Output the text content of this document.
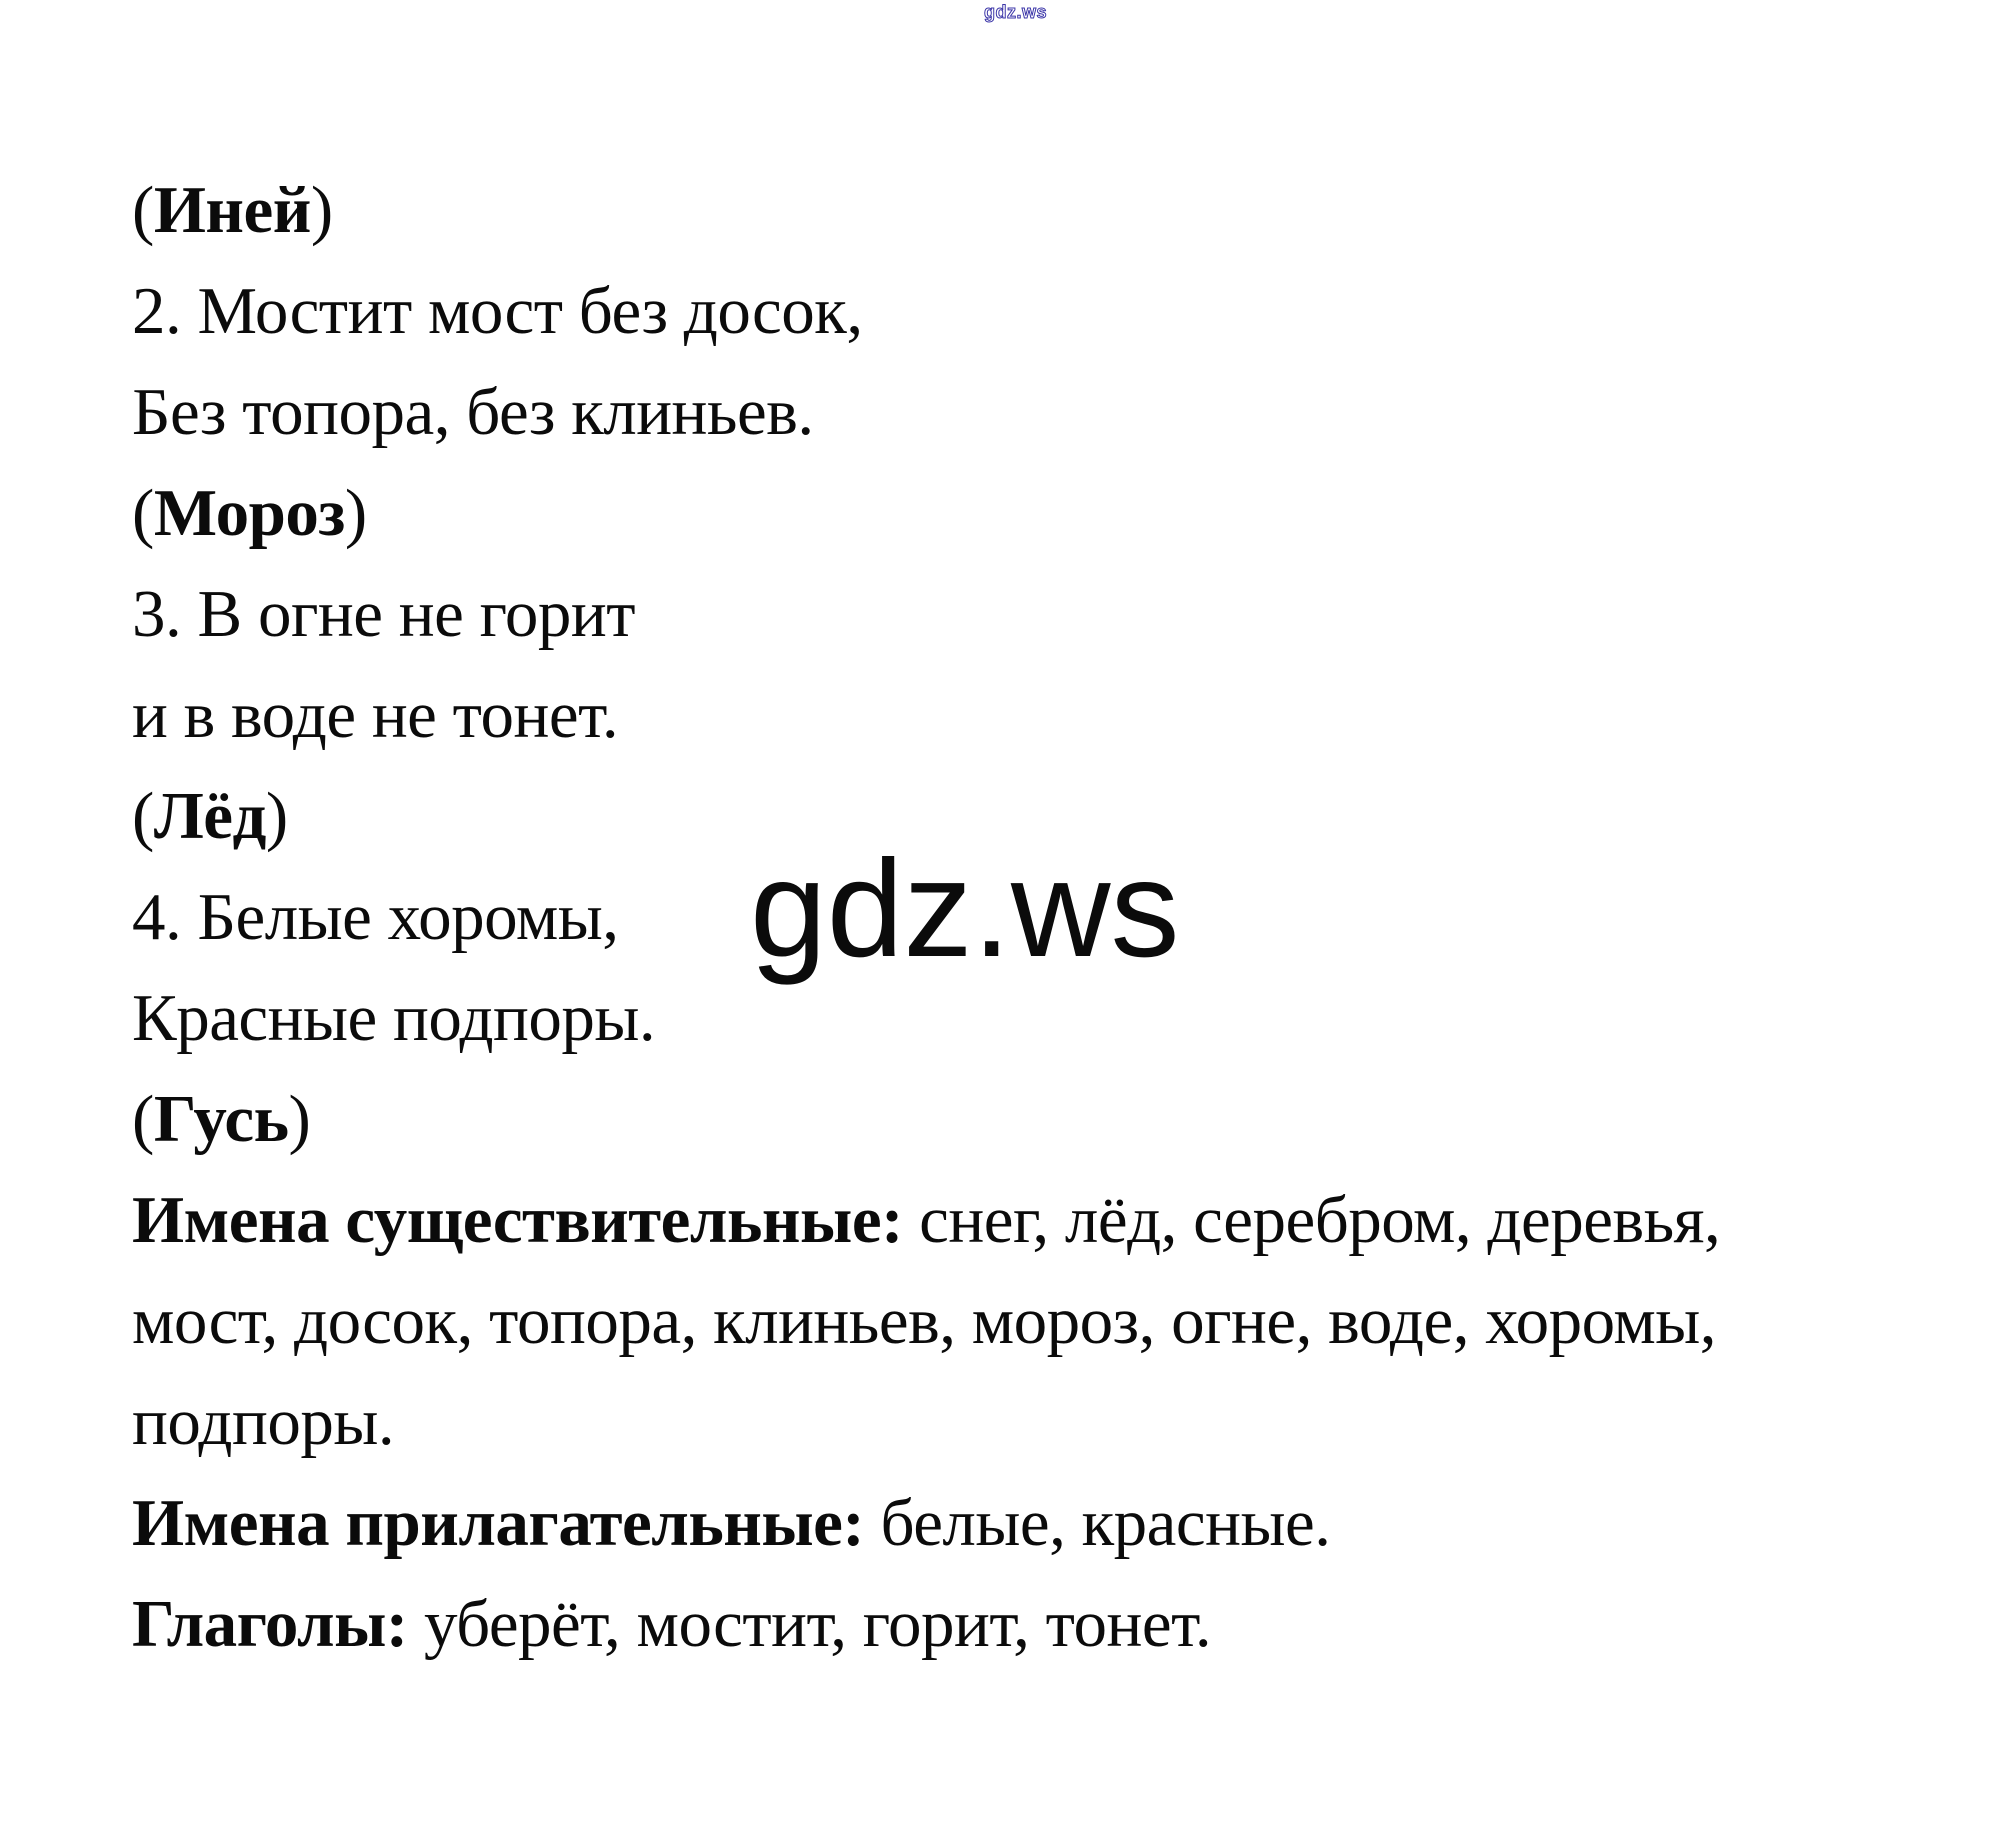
gdz.ws
gdz.ws
(Иней)
2. Мостит мост без досок,
Без топора, без клиньев.
(Мороз)
3. В огне не горит
и в воде не тонет.
(Лёд)
4. Белые хоромы,
Красные подпоры.
(Гусь)
Имена существительные: снег, лёд, серебром, деревья,
мост, досок, топора, клиньев, мороз, огне, воде, хоромы,
подпоры.
Имена прилагательные: белые, красные.
Глаголы: уберёт, мостит, горит, тонет.
